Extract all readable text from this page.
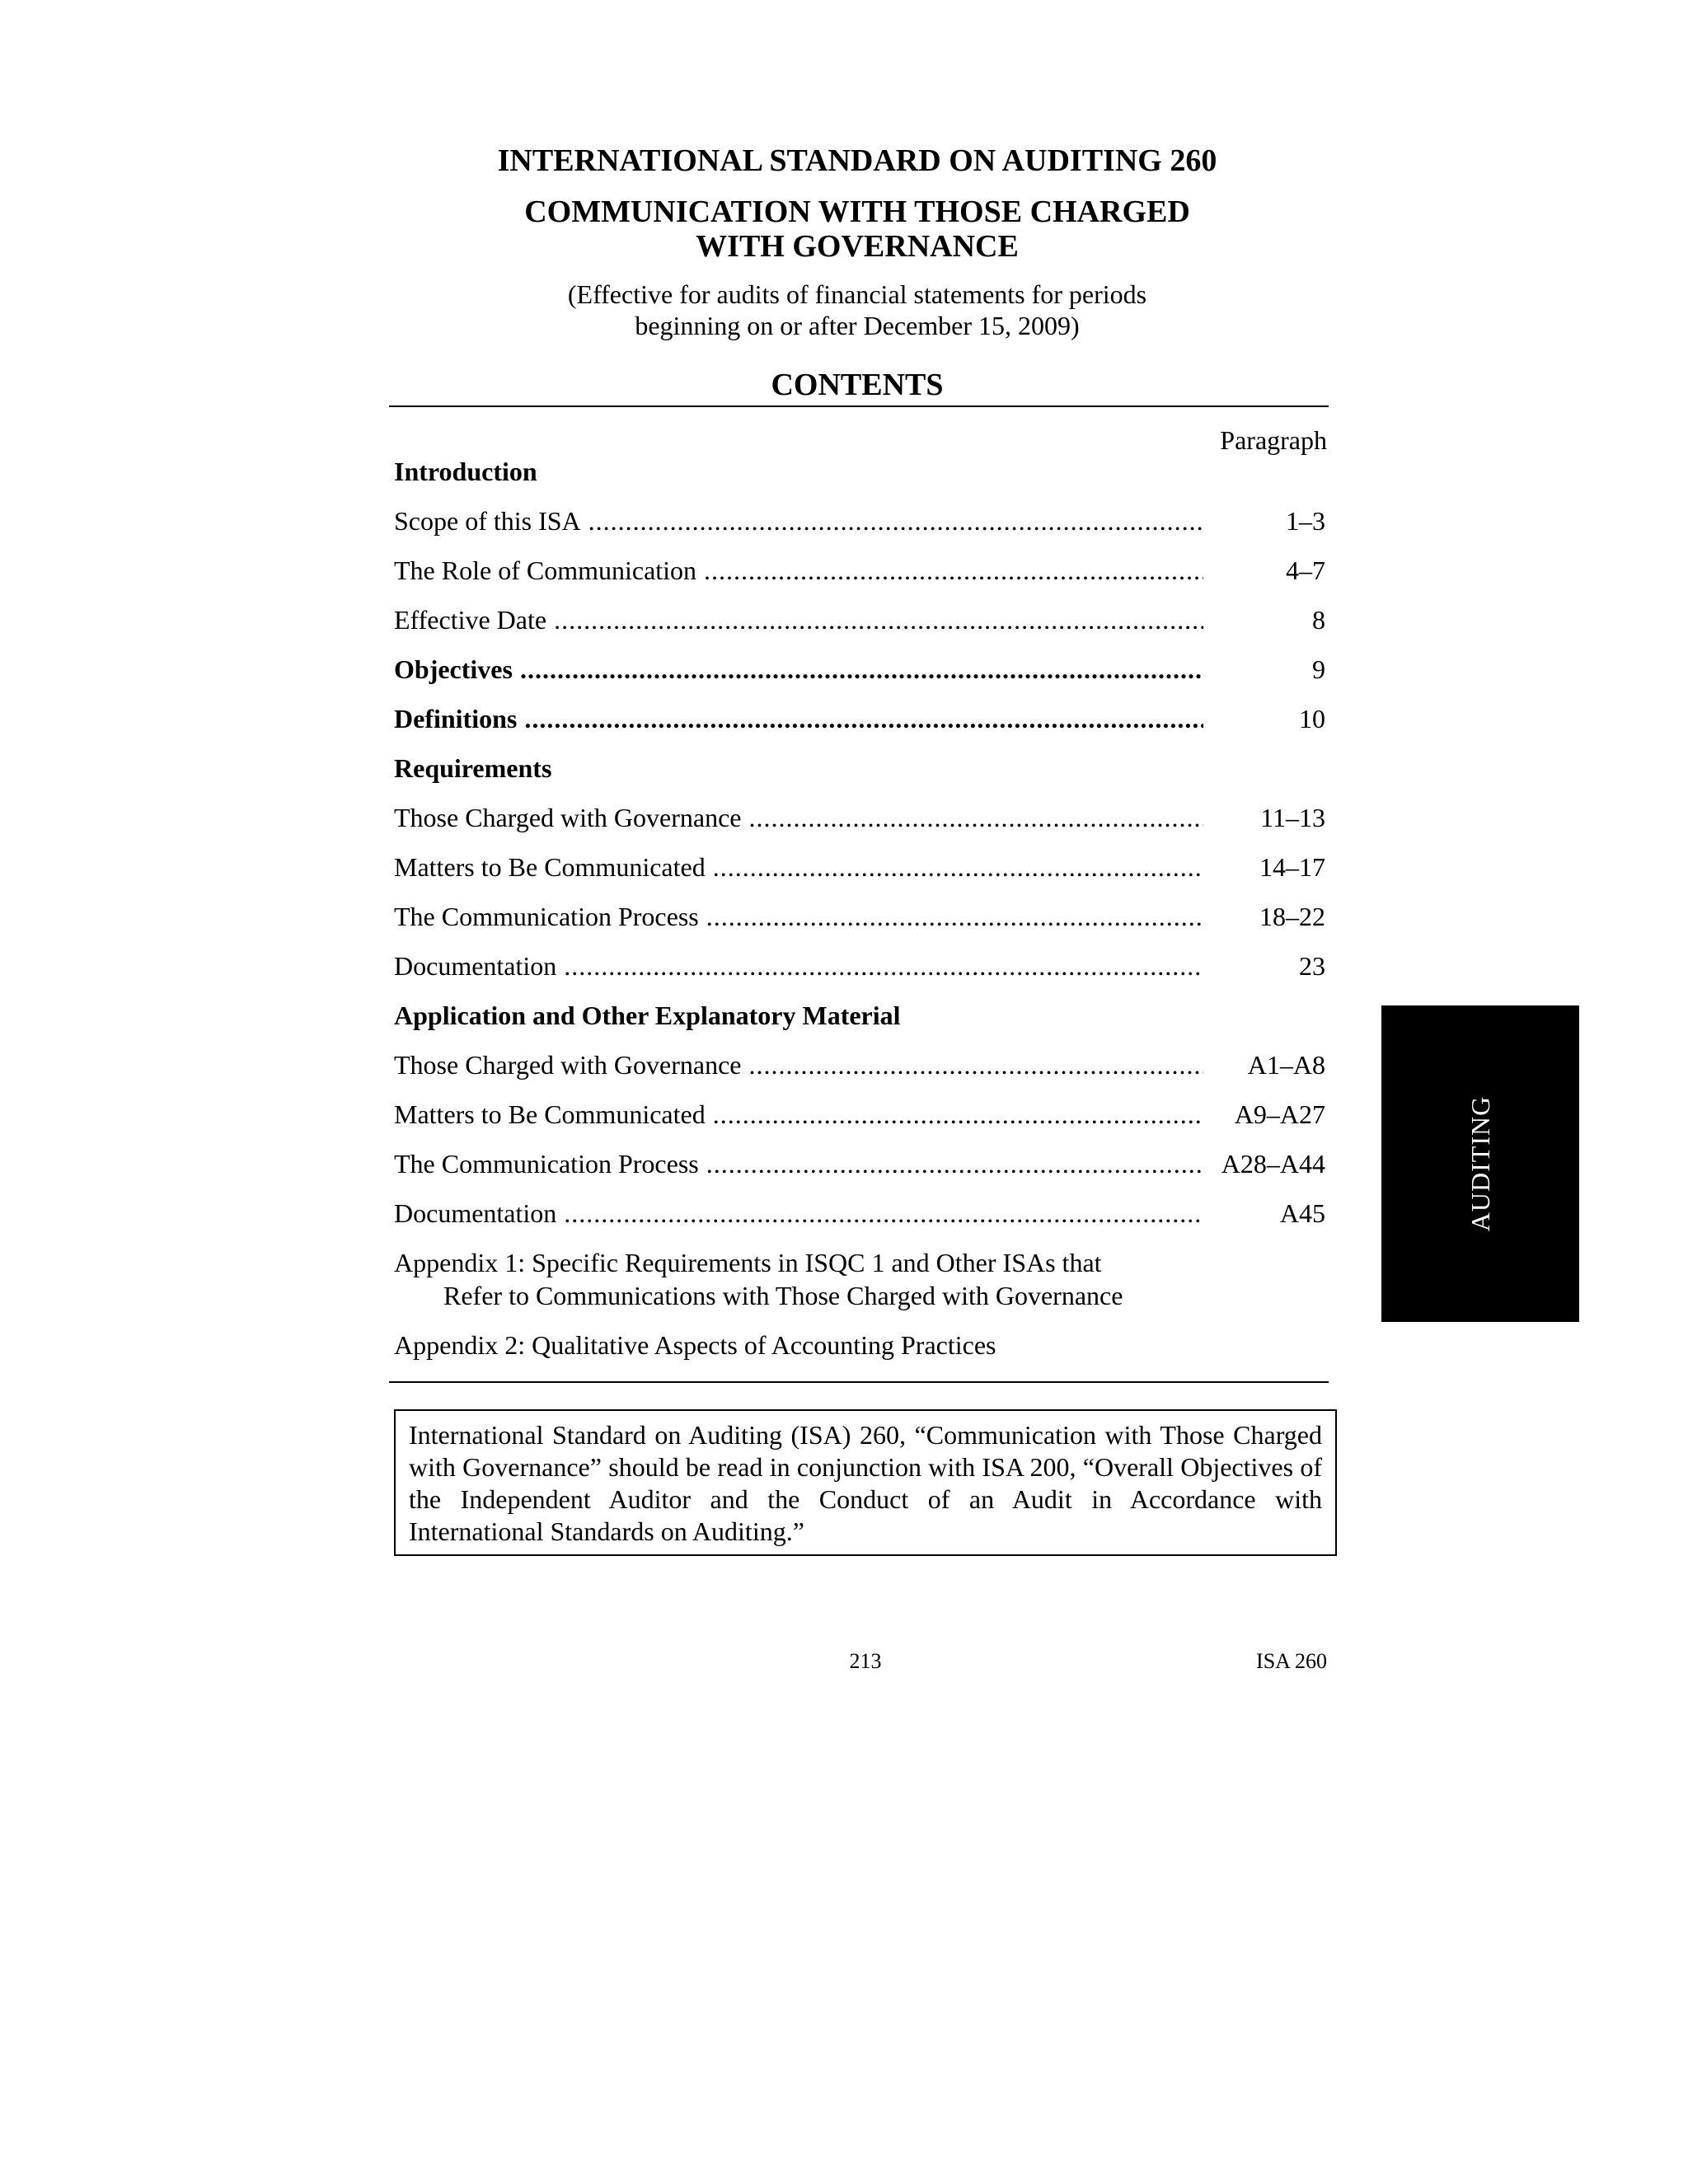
INTERNATIONAL STANDARD ON AUDITING 260
COMMUNICATION WITH THOSE CHARGED
WITH GOVERNANCE
(Effective for audits of financial statements for periods
beginning on or after December 15, 2009)
CONTENTS
Paragraph
Introduction
Scope of this ISA .....	1–3
The Role of Communication .....	4–7
Effective Date .....	8
Objectives .....	9
Definitions .....	10
Requirements
Those Charged with Governance .....	11–13
Matters to Be Communicated .....	14–17
The Communication Process .....	18–22
Documentation .....	23
Application and Other Explanatory Material
Those Charged with Governance .....	A1–A8
Matters to Be Communicated .....	A9–A27
The Communication Process .....	A28–A44
Documentation .....	A45
Appendix 1: Specific Requirements in ISQC 1 and Other ISAs that
Refer to Communications with Those Charged with Governance
Appendix 2: Qualitative Aspects of Accounting Practices
International Standard on Auditing (ISA) 260, “Communication with Those Charged with Governance” should be read in conjunction with ISA 200, “Overall Objectives of the Independent Auditor and the Conduct of an Audit in Accordance with International Standards on Auditing.”
213	ISA 260
AUDITING
